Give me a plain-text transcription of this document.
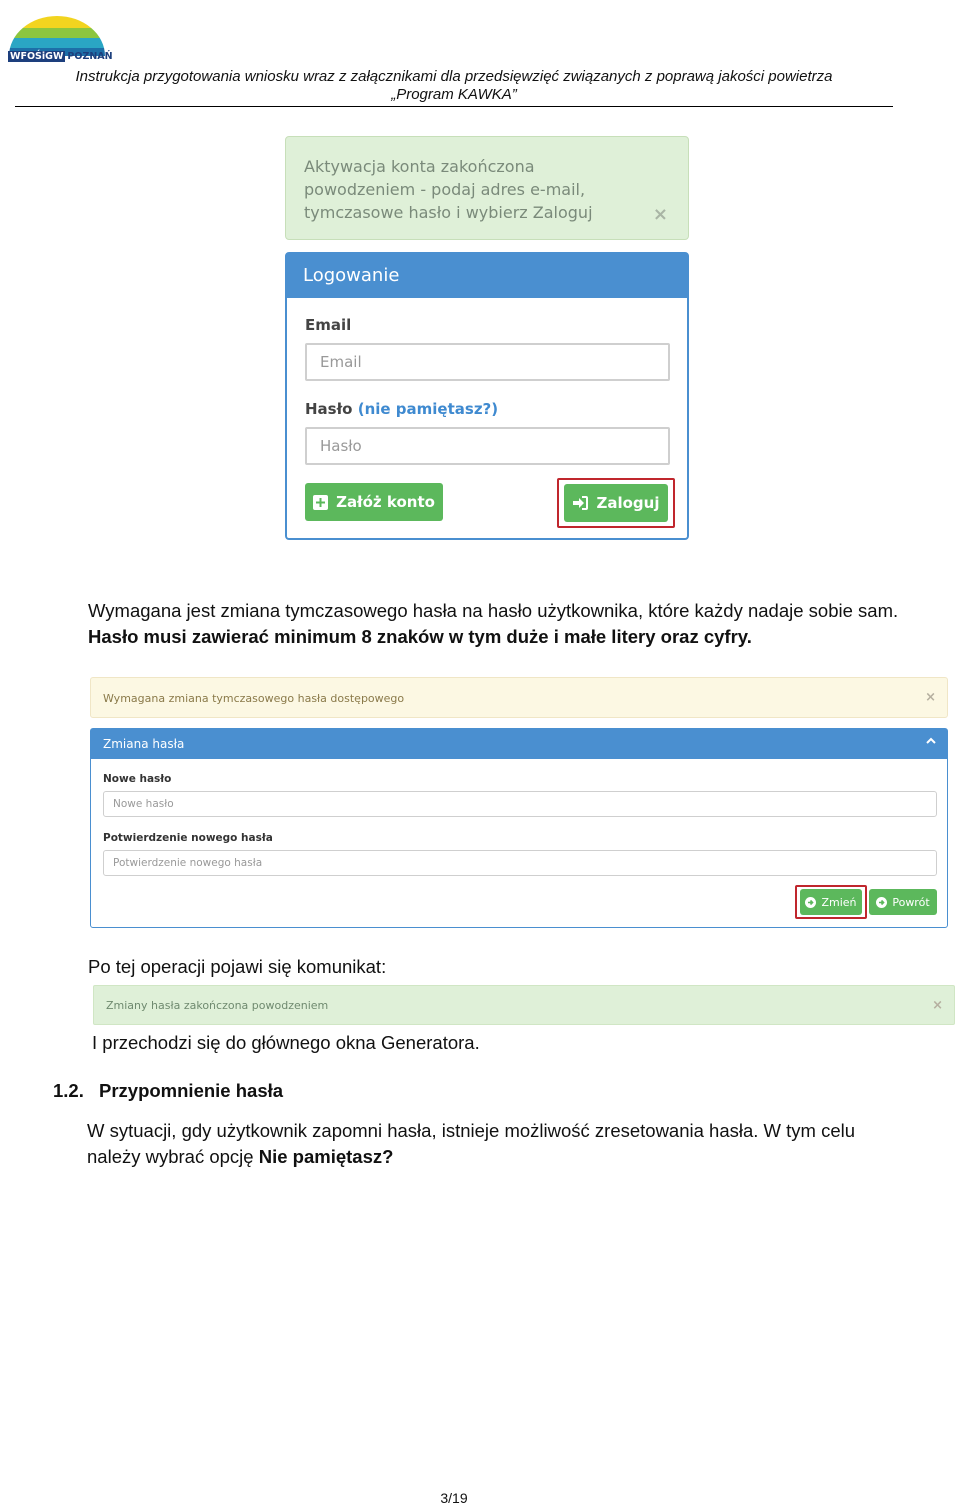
WFOŚiGW POZNAŃ
Instrukcja przygotowania wniosku wraz z załącznikami dla przedsięwzięć związanych z poprawą jakości powietrza
„Program KAWKA”
Aktywacja konta zakończona powodzeniem - podaj adres e-mail, tymczasowe hasło i wybierz Zaloguj	×
Logowanie
Email
Email
Hasło (nie pamiętasz?)
Hasło
Załóż konto	Zaloguj
Wymagana jest zmiana tymczasowego hasła na hasło użytkownika, które każdy nadaje sobie sam. Hasło musi zawierać minimum 8 znaków w tym duże i małe litery oraz cyfry.
Wymagana zmiana tymczasowego hasła dostępowego	×
Zmiana hasła
Nowe hasło
Nowe hasło
Potwierdzenie nowego hasła
Potwierdzenie nowego hasła
Zmień	Powrót
Po tej operacji pojawi się komunikat:
Zmiany hasła zakończona powodzeniem	×
I przechodzi się do głównego okna Generatora.
1.2. Przypomnienie hasła
W sytuacji, gdy użytkownik zapomni hasła, istnieje możliwość zresetowania hasła. W tym celu należy wybrać opcję Nie pamiętasz?
3/19
